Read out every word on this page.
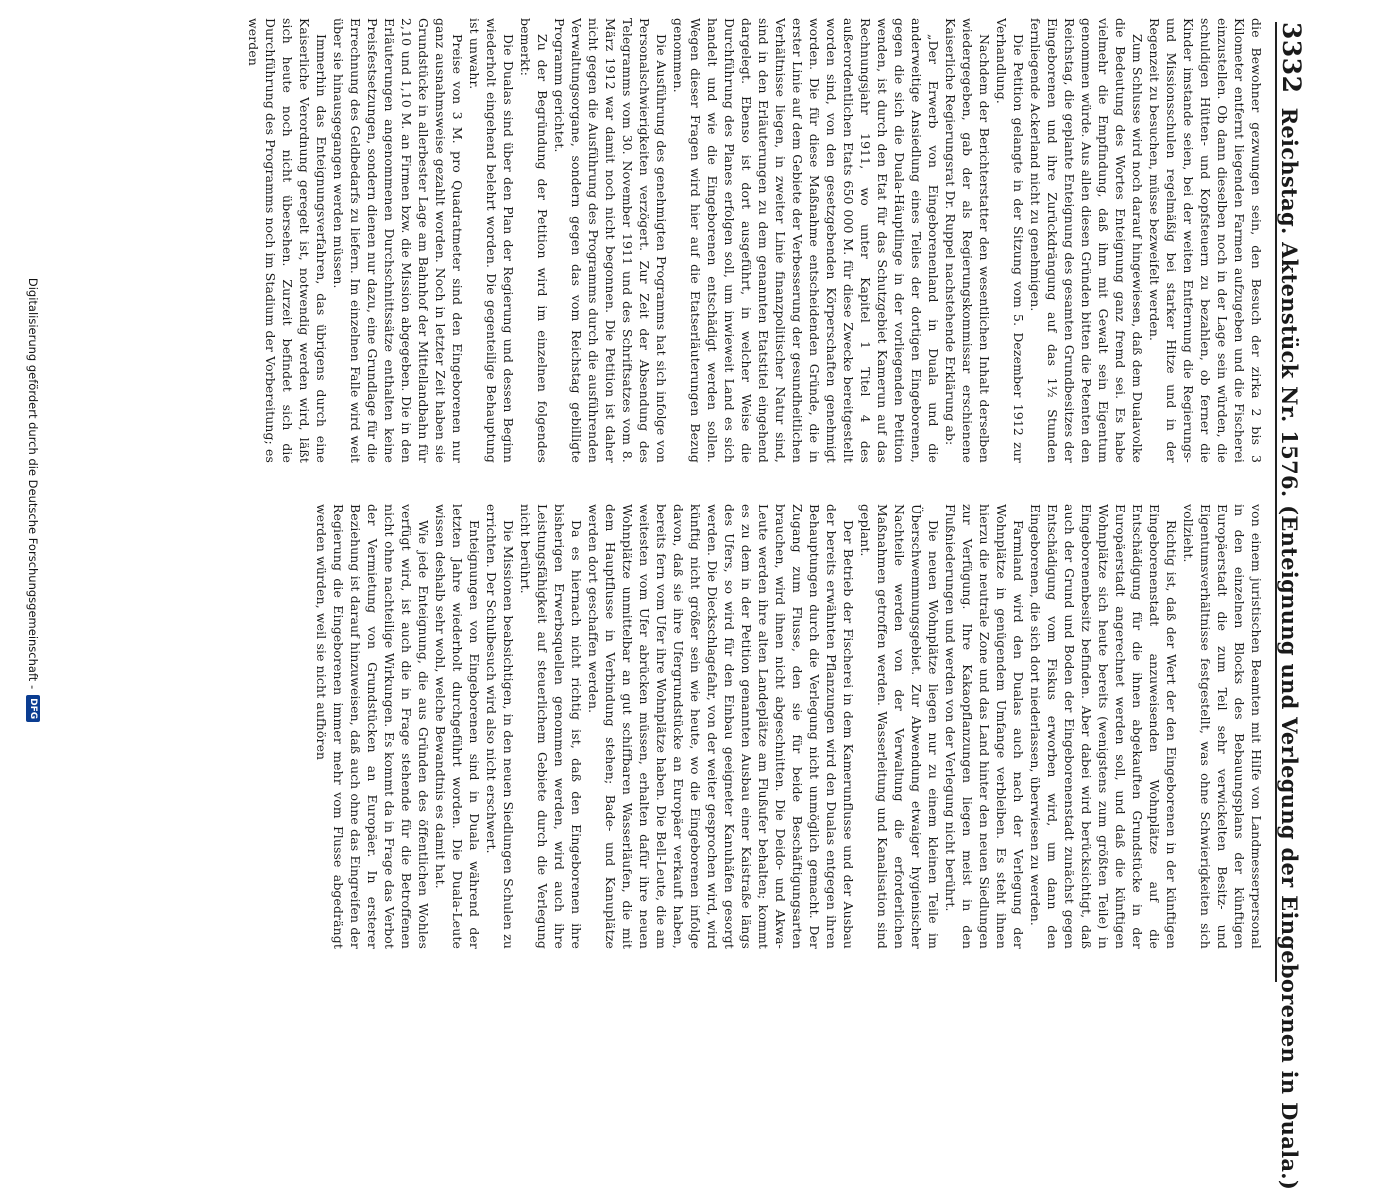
3332
Reichstag. Aktenstück Nr. 1576. (Enteignung und Verlegung der Eingeborenen in Duala.)

die Bewohner gezwungen sein, den Besuch der zirka 2 bis 3 Kilometer entfernt liegenden Farmen aufzugeben und die Fischerei einzustellen. Ob dann dieselben noch in der Lage sein würden, die schuldigen Hütten- und Kopfsteuern zu bezahlen, ob ferner die Kinder imstande seien, bei der weiten Entfernung die Regierungs- und Missionsschulen regelmäßig bei starker Hitze und in der Regenzeit zu besuchen, müsse bezweifelt werden.

Zum Schlusse wird noch darauf hingewiesen, daß dem Dualavolke die Bedeutung des Wortes Enteignung ganz fremd sei. Es habe vielmehr die Empfindung, daß ihm mit Gewalt sein Eigentum genommen würde. Aus allen diesen Gründen bitten die Petenten den Reichstag, die geplante Enteignung des gesamten Grundbesitzes der Eingeborenen und ihre Zurückdrängung auf das 1½ Stunden fernliegende Ackerland nicht zu genehmigen.

Die Petition gelangte in der Sitzung vom 5. Dezember 1912 zur Verhandlung.

Nachdem der Berichterstatter den wesentlichen Inhalt derselben wiedergegeben, gab der als Regierungskommissar erschienene Kaiserliche Regierungsrat Dr. Ruppel nachstehende Erklärung ab:

„Der Erwerb von Eingeborenenland in Duala und die anderweitige Ansiedlung eines Teiles der dortigen Eingeborenen, gegen die sich die Duala-Häuptlinge in der vorliegenden Petition wenden, ist durch den Etat für das Schutzgebiet Kamerun auf das Rechnungsjahr 1911, wo unter Kapitel 1 Titel 4 des außerordentlichen Etats 650 000 M. für diese Zwecke bereitgestellt worden sind, von den gesetzgebenden Körperschaften genehmigt worden. Die für diese Maßnahme entscheidenden Gründe, die in erster Linie auf dem Gebiete der Verbesserung der gesundheitlichen Verhältnisse liegen, in zweiter Linie finanzpolitischer Natur sind, sind in den Erläuterungen zu dem genannten Etatstitel eingehend dargelegt. Ebenso ist dort ausgeführt, in welcher Weise die Durchführung des Planes erfolgen soll, um inwieweit Land es sich handelt und wie die Eingeborenen entschädigt werden sollen. Wegen dieser Fragen wird hier auf die Etatserläuterungen Bezug genommen.

Die Ausführung des genehmigten Programms hat sich infolge von Personalschwierigkeiten verzögert. Zur Zeit der Absendung des Telegramms vom 30. November 1911 und des Schriftsatzes vom 8. März 1912 war damit noch nicht begonnen. Die Petition ist daher nicht gegen die Ausführung des Programms durch die ausführenden Verwaltungsorgane, sondern gegen das vom Reichstag gebilligte Programm gerichtet.

Zu der Begründung der Petition wird im einzelnen folgendes bemerkt:

Die Dualas sind über den Plan der Regierung und dessen Beginn wiederholt eingehend belehrt worden. Die gegenteilige Behauptung ist unwahr.

Preise von 3 M. pro Quadratmeter sind den Eingeborenen nur ganz ausnahmsweise gezahlt worden. Noch in letzter Zeit haben sie Grundstücke in allerbester Lage am Bahnhof der Mittellandbahn für 2,10 und 1,10 M. an Firmen bzw. die Mission abgegeben. Die in den Erläuterungen angenommenen Durchschnittssätze enthalten keine Preisfestsetzungen, sondern dienen nur dazu, eine Grundlage für die Errechnung des Geldbedarfs zu liefern. Im einzelnen Falle wird weit über sie hinausgegangen werden müssen.

Immerhin das Enteignungsverfahren, das übrigens durch eine Kaiserliche Verordnung geregelt ist, notwendig werden wird, läßt sich heute noch nicht übersehen. Zurzeit befindet sich die Durchführung des Programms noch im Stadium der Vorbereitung; es werden

von einem juristischen Beamten mit Hilfe von Landmesserpersonal in den einzelnen Blocks des Bebauungsplans der künftigen Europäerstadt die zum Teil sehr verwickelten Besitz- und Eigentumsverhältnisse festgestellt, was ohne Schwierigkeiten sich vollzieht.

Richtig ist, daß der Wert der den Eingeborenen in der künftigen Eingeborenenstadt anzuweisenden Wohnplätze auf die Entschädigung für die ihnen abgekauften Grundstücke in der Europäerstadt angerechnet werden soll, und daß die künftigen Wohnplätze sich heute bereits (wenigstens zum größten Teile) in Eingeborenenbesitz befinden. Aber dabei wird berücksichtigt, daß auch der Grund und Boden der Eingeborenenstadt zunächst gegen Entschädigung vom Fiskus erworben wird, um dann den Eingeborenen, die sich dort niederlassen, überwiesen zu werden.

Farmland wird den Dualas auch nach der Verlegung der Wohnplätze in genügendem Umfange verbleiben. Es steht ihnen hierzu die neutrale Zone und das Land hinter den neuen Siedlungen zur Verfügung. Ihre Kakaopflanzungen liegen meist in den Flußniederungen und werden von der Verlegung nicht berührt.

Die neuen Wohnplätze liegen nur zu einem kleinen Teile im Überschwemmungsgebiet. Zur Abwendung etwaiger hygienischer Nachteile werden von der Verwaltung die erforderlichen Maßnahmen getroffen werden. Wasserleitung und Kanalisation sind geplant.

Der Betrieb der Fischerei in dem Kamerunflusse und der Ausbau der bereits erwähnten Pflanzungen wird den Dualas entgegen ihren Behauptungen durch die Verlegung nicht unmöglich gemacht. Der Zugang zum Flusse, den sie für beide Beschäftigungsarten brauchen, wird ihnen nicht abgeschnitten. Die Deido- und Akwa-Leute werden ihre alten Landeplätze am Flußufer behalten; kommt es zu dem in der Petition genannten Ausbau einer Kaistraße längs des Ufers, so wird für den Einbau geeigneter Kanuhäfen gesorgt werden. Die Dieckschlagefahr, von der weiter gesprochen wird, wird künftig nicht größer sein wie heute, wo die Eingeborenen infolge davon, daß sie ihre Ufergrundstücke an Europäer verkauft haben, bereits fern vom Ufer ihre Wohnplätze haben. Die Bell-Leute, die am weitesten vom Ufer abrücken müssen, erhalten dafür ihre neuen Wohnplätze unmittelbar an gut schiffbaren Wasserläufen, die mit dem Hauptflusse in Verbindung stehen; Bade- und Kanuplätze werden dort geschaffen werden.

Da es hiernach nicht richtig ist, daß den Eingeborenen ihre bisherigen Erwerbsquellen genommen werden, wird auch ihre Leistungsfähigkeit auf steuerlichem Gebiete durch die Verlegung nicht berührt.

Die Missionen beabsichtigen, in den neuen Siedlungen Schulen zu errichten. Der Schulbesuch wird also nicht erschwert.

Enteignungen von Eingeborenen sind in Duala während der letzten Jahre wiederholt durchgeführt worden. Die Duala-Leute wissen deshalb sehr wohl, welche Bewandtnis es damit hat.

Wie jede Enteignung, die aus Gründen des öffentlichen Wohles verfügt wird, ist auch die in Frage stehende für die Betroffenen nicht ohne nachteilige Wirkungen. Es kommt da in Frage das Verbot der Vermietung von Grundstücken an Europäer. In ersterer Beziehung ist darauf hinzuweisen, daß auch ohne das Eingreifen der Regierung die Eingeborenen immer mehr vom Flusse abgedrängt werden würden, weil sie nicht aufhören

Digitalisierung gefördert durch die Deutsche Forschungsgemeinschaft -
DFG
